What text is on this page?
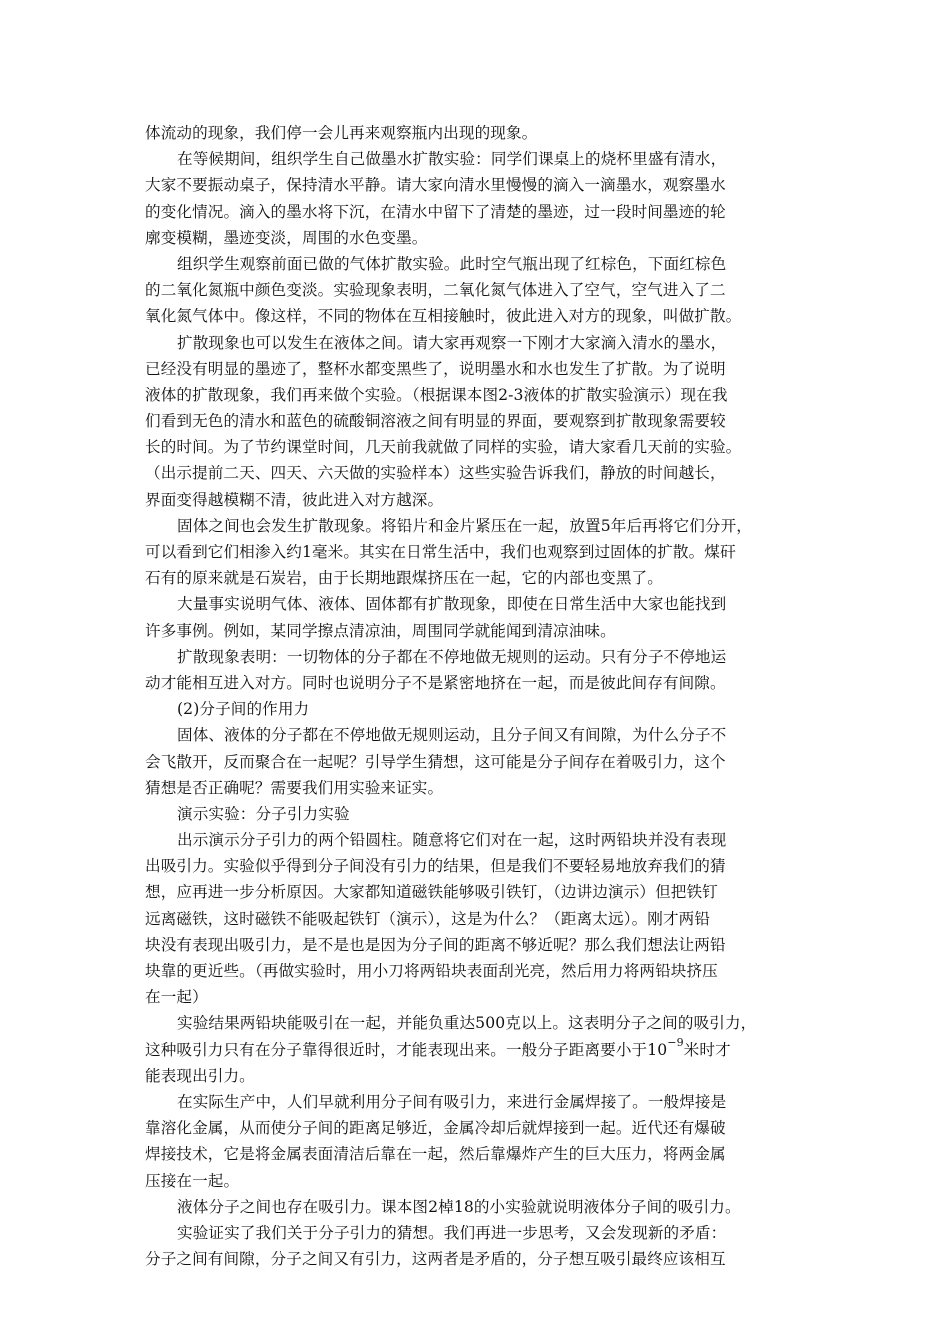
体流动的现象，我们停一会儿再来观察瓶内出现的现象。
在等候期间，组织学生自己做墨水扩散实验：同学们课桌上的烧杯里盛有清水，
大家不要振动桌子，保持清水平静。请大家向清水里慢慢的滴入一滴墨水，观察墨水
的变化情况。滴入的墨水将下沉，在清水中留下了清楚的墨迹，过一段时间墨迹的轮
廓变模糊，墨迹变淡，周围的水色变墨。
组织学生观察前面已做的气体扩散实验。此时空气瓶出现了红棕色，下面红棕色
的二氧化氮瓶中颜色变淡。实验现象表明，二氧化氮气体进入了空气，空气进入了二
氧化氮气体中。像这样，不同的物体在互相接触时，彼此进入对方的现象，叫做扩散。
扩散现象也可以发生在液体之间。请大家再观察一下刚才大家滴入清水的墨水，
已经没有明显的墨迹了，整杯水都变黑些了，说明墨水和水也发生了扩散。为了说明
液体的扩散现象，我们再来做个实验。（根据课本图2-3液体的扩散实验演示）现在我
们看到无色的清水和蓝色的硫酸铜溶液之间有明显的界面，要观察到扩散现象需要较
长的时间。为了节约课堂时间，几天前我就做了同样的实验，请大家看几天前的实验。
（出示提前二天、四天、六天做的实验样本）这些实验告诉我们，静放的时间越长，
界面变得越模糊不清，彼此进入对方越深。
固体之间也会发生扩散现象。将铅片和金片紧压在一起，放置5年后再将它们分开，
可以看到它们相渗入约1毫米。其实在日常生活中，我们也观察到过固体的扩散。煤矸
石有的原来就是石炭岩，由于长期地跟煤挤压在一起，它的内部也变黑了。
大量事实说明气体、液体、固体都有扩散现象，即使在日常生活中大家也能找到
许多事例。例如，某同学擦点清凉油，周围同学就能闻到清凉油味。
扩散现象表明：一切物体的分子都在不停地做无规则的运动。只有分子不停地运
动才能相互进入对方。同时也说明分子不是紧密地挤在一起，而是彼此间存有间隙。
(2)分子间的作用力
固体、液体的分子都在不停地做无规则运动，且分子间又有间隙，为什么分子不
会飞散开，反而聚合在一起呢？引导学生猜想，这可能是分子间存在着吸引力，这个
猜想是否正确呢？需要我们用实验来证实。
演示实验：分子引力实验
出示演示分子引力的两个铅圆柱。随意将它们对在一起，这时两铅块并没有表现
出吸引力。实验似乎得到分子间没有引力的结果，但是我们不要轻易地放弃我们的猜
想，应再进一步分析原因。大家都知道磁铁能够吸引铁钉，（边讲边演示）但把铁钉
远离磁铁，这时磁铁不能吸起铁钉（演示），这是为什么？（距离太远）。刚才两铅
块没有表现出吸引力，是不是也是因为分子间的距离不够近呢？那么我们想法让两铅
块靠的更近些。（再做实验时，用小刀将两铅块表面刮光亮，然后用力将两铅块挤压
在一起）
实验结果两铅块能吸引在一起，并能负重达500克以上。这表明分子之间的吸引力，
这种吸引力只有在分子靠得很近时，才能表现出来。一般分子距离要小于$10^{-9}$米时才
能表现出引力。
在实际生产中，人们早就利用分子间有吸引力，来进行金属焊接了。一般焊接是
靠溶化金属，从而使分子间的距离足够近，金属冷却后就焊接到一起。近代还有爆破
焊接技术，它是将金属表面清洁后靠在一起，然后靠爆炸产生的巨大压力，将两金属
压接在一起。
液体分子之间也存在吸引力。课本图2棹18的小实验就说明液体分子间的吸引力。
实验证实了我们关于分子引力的猜想。我们再进一步思考，又会发现新的矛盾：
分子之间有间隙，分子之间又有引力，这两者是矛盾的，分子想互吸引最终应该相互
